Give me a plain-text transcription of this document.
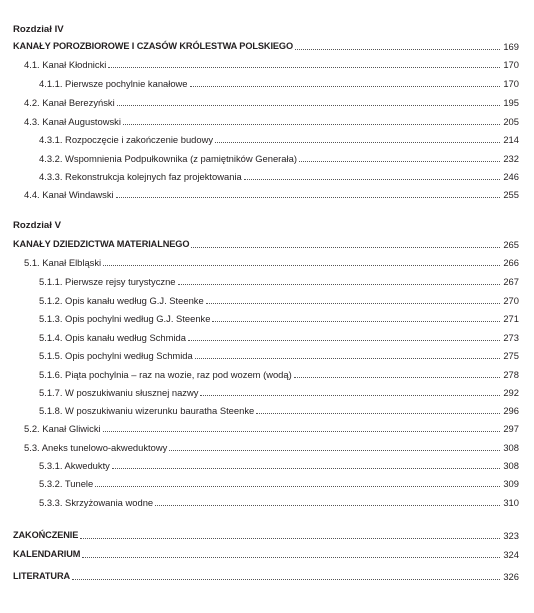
Rozdział IV
KANAŁY POROZBIOROWE I CZASÓW KRÓLESTWA POLSKIEGO	169
4.1. Kanał Kłodnicki	170
4.1.1. Pierwsze pochylnie kanałowe	170
4.2. Kanał Berezyński	195
4.3. Kanał Augustowski	205
4.3.1. Rozpoczęcie i zakończenie budowy	214
4.3.2. Wspomnienia Podpułkownika (z pamiętników Generała)	232
4.3.3. Rekonstrukcja kolejnych faz projektowania	246
4.4. Kanał Windawski	255
Rozdział V
KANAŁY DZIEDZICTWA MATERIALNEGO	265
5.1. Kanał Elbląski	266
5.1.1. Pierwsze rejsy turystyczne	267
5.1.2. Opis kanału według G.J. Steenke	270
5.1.3. Opis pochylni według G.J. Steenke	271
5.1.4. Opis kanału według Schmida	273
5.1.5. Opis pochylni według Schmida	275
5.1.6. Piąta pochylnia – raz na wozie, raz pod wozem (wodą)	278
5.1.7. W poszukiwaniu słusznej nazwy	292
5.1.8. W poszukiwaniu wizerunku bauratha Steenke	296
5.2. Kanał Gliwicki	297
5.3. Aneks tunelowo-akweduktowy	308
5.3.1. Akwedukty	308
5.3.2. Tunele	309
5.3.3. Skrzyżowania wodne	310
ZAKOŃCZENIE	323
KALENDARIUM	324
LITERATURA	326
